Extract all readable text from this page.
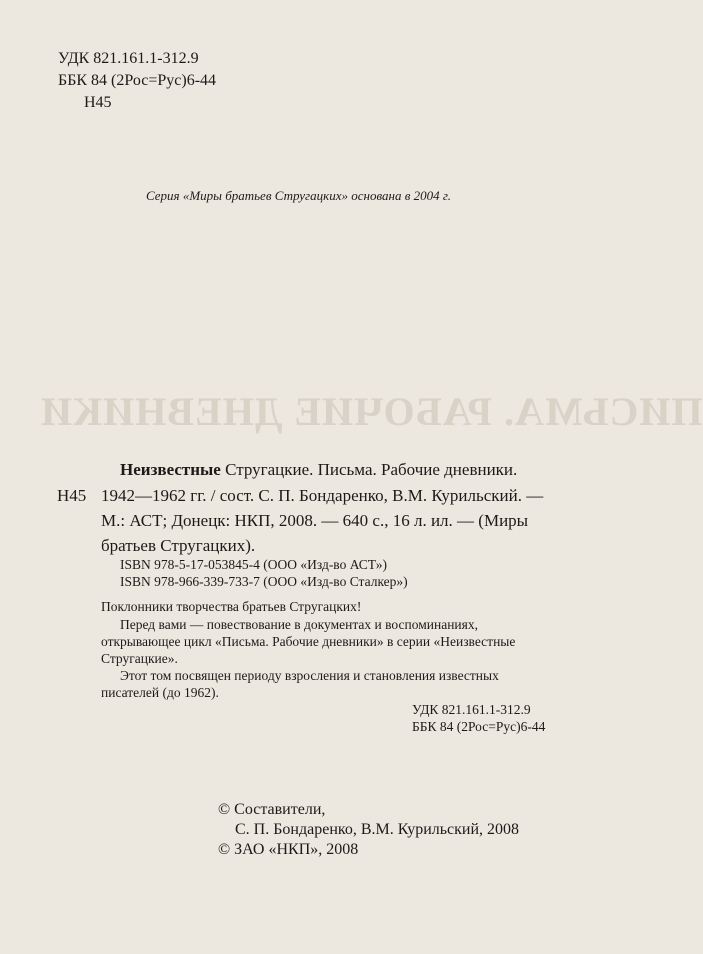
ПИСЬМА. РАБОЧИЕ ДНЕВНИКИ
УДК 821.161.1-312.9
ББК 84 (2Рос=Рус)6-44
Н45
Серия «Миры братьев Стругацких» основана в 2004 г.
Неизвестные Стругацкие. Письма. Рабочие дневники.
Н45 1942—1962 гг. / сост. С. П. Бондаренко, В.М. Курильский. —
М.: АСТ; Донецк: НКП, 2008. — 640 с., 16 л. ил. — (Миры
братьев Стругацких).
ISBN 978-5-17-053845-4 (ООО «Изд-во АСТ»)
ISBN 978-966-339-733-7 (ООО «Изд-во Сталкер»)
Поклонники творчества братьев Стругацких!
Перед вами — повествование в документах и воспоминаниях,
открывающее цикл «Письма. Рабочие дневники» в серии «Неизвестные
Стругацкие».
Этот том посвящен периоду взросления и становления известных
писателей (до 1962).
УДК 821.161.1-312.9
ББК 84 (2Рос=Рус)6-44
© Составители,
С. П. Бондаренко, В.М. Курильский, 2008
© ЗАО «НКП», 2008
